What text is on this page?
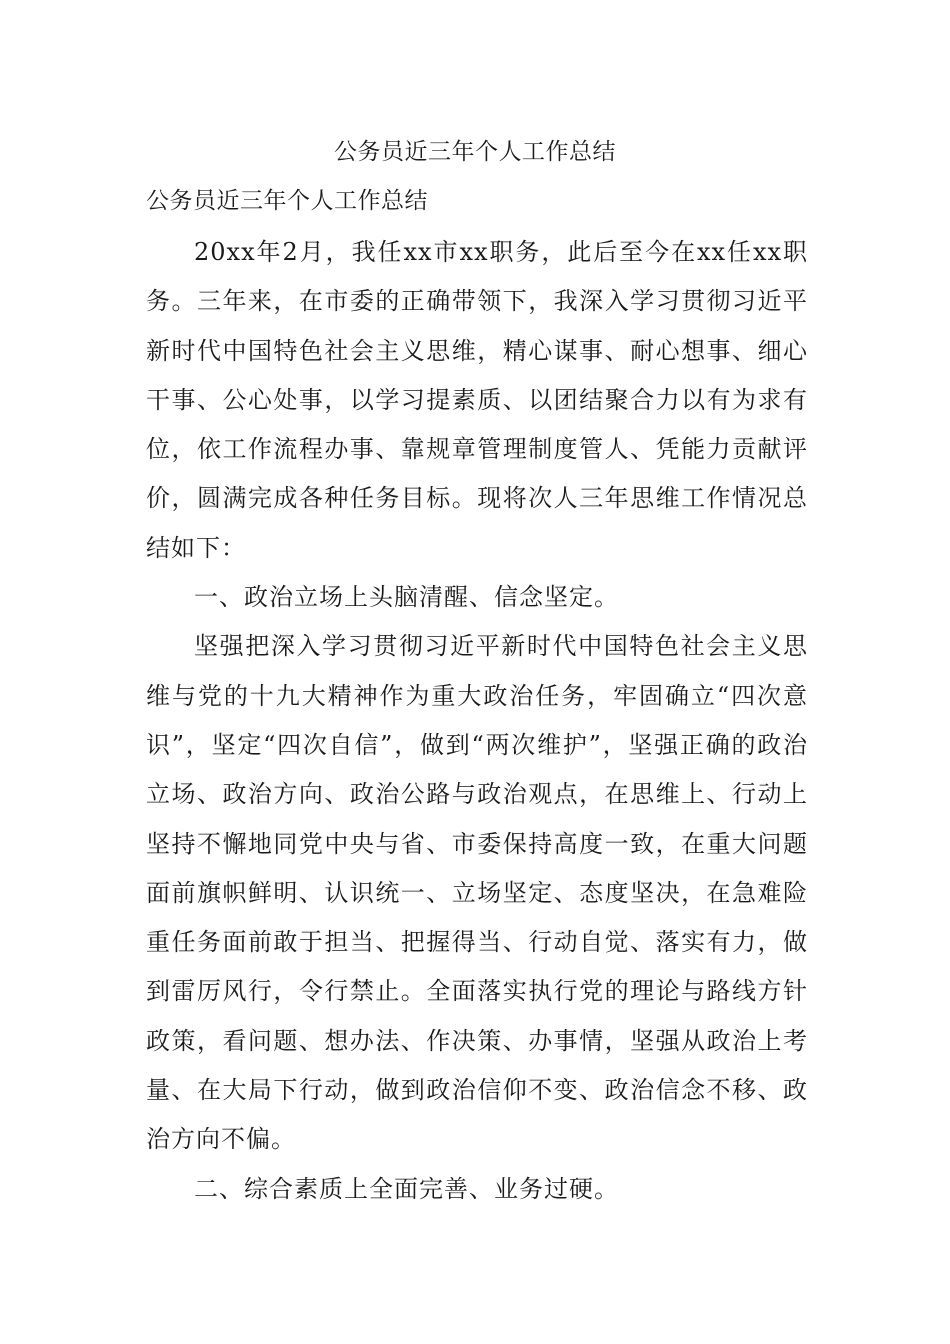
公务员近三年个人工作总结

公务员近三年个人工作总结

20xx年2月，我任xx市xx职务，此后至今在xx任xx职务。三年来，在市委的正确带领下，我深入学习贯彻习近平新时代中国特色社会主义思维，精心谋事、耐心想事、细心干事、公心处事，以学习提素质、以团结聚合力以有为求有位，依工作流程办事、靠规章管理制度管人、凭能力贡献评价，圆满完成各种任务目标。现将次人三年思维工作情况总结如下：

一、政治立场上头脑清醒、信念坚定。

坚强把深入学习贯彻习近平新时代中国特色社会主义思维与党的十九大精神作为重大政治任务，牢固确立“四次意识”，坚定“四次自信”，做到“两次维护”，坚强正确的政治立场、政治方向、政治公路与政治观点，在思维上、行动上坚持不懈地同党中央与省、市委保持高度一致，在重大问题面前旗帜鲜明、认识统一、立场坚定、态度坚决，在急难险重任务面前敢于担当、把握得当、行动自觉、落实有力，做到雷厉风行，令行禁止。全面落实执行党的理论与路线方针政策，看问题、想办法、作决策、办事情，坚强从政治上考量、在大局下行动，做到政治信仰不变、政治信念不移、政治方向不偏。

二、综合素质上全面完善、业务过硬。
